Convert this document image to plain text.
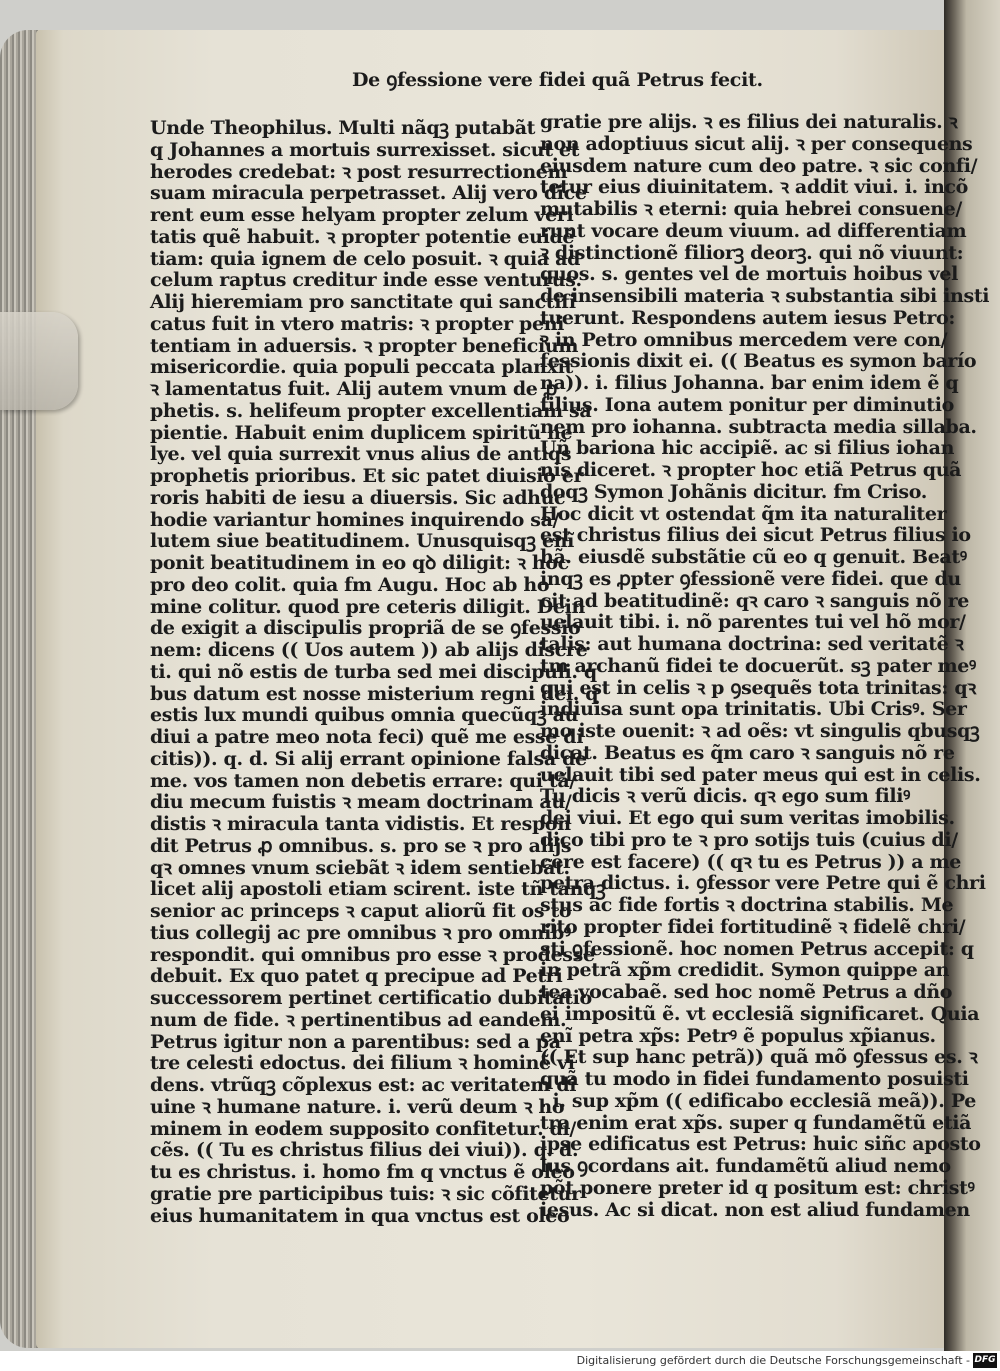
De ꝯfessione vere fidei quã Petrus fecit.
Unde Theophilus. Multi nãqꝫ putabãt
q Johannes a mortuis surrexisset. sicut et
herodes credebat: ꝛ post resurrectionem
suam miracula perpetrasset. Alij vero dice
rent eum esse helyam propter zelum veri
tatis quẽ habuit. ꝛ propter potentie euidẽ
tiam: quia ignem de celo posuit. ꝛ quia ad
celum raptus creditur inde esse venturus.
Alij hieremiam pro sanctitate qui sanctifi
catus fuit in vtero matris: ꝛ propter peni
tentiam in aduersis. ꝛ propter beneficium
misericordie. quia populi peccata planxit
ꝛ lamentatus fuit. Alij autem vnum de ꝓ
phetis. s. helifeum propter excellentiam sa
pientie. Habuit enim duplicem spiritũ he
lye. vel quia surrexit vnus alius de antiqs
prophetis prioribus. Et sic patet diuisio er
roris habiti de iesu a diuersis. Sic adhuc
hodie variantur homines inquirendo sa/
lutem siue beatitudinem. Unusquisqꝫ enĩ
ponit beatitudinem in eo qꝺ diligit: ꝛ hoc
pro deo colit. quia fm Augu. Hoc ab ho
mine colitur. quod pre ceteris diligit. Dein
de exigit a discipulis propriã de se ꝯfessio
nem: dicens (( Uos autem )) ab alijs discre
ti. qui nõ estis de turba sed mei discipuli. q
bus datum est nosse misterium regni dei. q
estis lux mundi quibus omnia quecũqꝫ au
diui a patre meo nota feci) quẽ me esse di
citis)). q. d. Si alij errant opinione falsa de
me. vos tamen non debetis errare: qui tã/
diu mecum fuistis ꝛ meam doctrinam au/
distis ꝛ miracula tanta vidistis. Et respon
dit Petrus ꝓ omnibus. s. pro se ꝛ pro alijs
qꝛ omnes vnum sciebãt ꝛ idem sentiebãt.
licet alij apostoli etiam scirent. iste tñ tanqꝫ
senior ac princeps ꝛ caput aliorũ fit os to
tius collegij ac pre omnibus ꝛ pro omnibꝰ
respondit. qui omnibus pro esse ꝛ prodesse
debuit. Ex quo patet q precipue ad Petri
successorem pertinet certificatio dubitatio
num de fide. ꝛ pertinentibus ad eandem.
Petrus igitur non a parentibus: sed a pa
tre celesti edoctus. dei filium ꝛ hominẽ vi
dens. vtrũqꝫ cõplexus est: ac veritatem di
uine ꝛ humane nature. i. verũ deum ꝛ ho
minem in eodem supposito confitetur. di/
cẽs. (( Tu es christus filius dei viui)). q. d.
tu es christus. i. homo fm q vnctus ẽ oleo
gratie pre participibus tuis: ꝛ sic cõfitetur
eius humanitatem in qua vnctus est oleo
gratie pre alijs. ꝛ es filius dei naturalis. ꝛ
non adoptiuus sicut alij. ꝛ per consequens
eiusdem nature cum deo patre. ꝛ sic confi/
tetur eius diuinitatem. ꝛ addit viui. i. incõ
mutabilis ꝛ eterni: quia hebrei consuene/
runt vocare deum viuum. ad differentiam
ꝛ distinctionẽ filiorꝫ deorꝫ. qui nõ viuunt:
quos. s. gentes vel de mortuis hoibus vel
de insensibili materia ꝛ substantia sibi insti
tuerunt. Respondens autem iesus Petro:
ꝛ in Petro omnibus mercedem vere con/
fessionis dixit ei. (( Beatus es symon barío
na)). i. filius Johanna. bar enim idem ẽ q
filius. Iona autem ponitur per diminutio
nem pro iohanna. subtracta media sillaba.
Uñ bariona hic accipiẽ. ac si filius iohan
nis diceret. ꝛ propter hoc etiã Petrus quã
doqꝫ Symon Johãnis dicitur. fm Criso.
Hoc dicit vt ostendat q̃m ita naturaliter
est christus filius dei sicut Petrus filius io
hã. eiusdẽ substãtie cũ eo q genuit. Beatꝰ
inqꝫ es ꝓpter ꝯfessionẽ vere fidei. que du
cit ad beatitudinẽ: qꝛ caro ꝛ sanguis nõ re
uelauit tibi. i. nõ parentes tui vel hõ mor/
talis: aut humana doctrina: sed veritatẽ ꝛ
tm archanũ fidei te docuerũt. sꝫ pater meꝰ
qui est in celis ꝛ p ꝯsequẽs tota trinitas: qꝛ
indiuisa sunt opa trinitatis. Ubi Crisꝰ. Ser
mo iste ouenit: ꝛ ad oẽs: vt singulis qbusqꝫ
dicat. Beatus es q̃m caro ꝛ sanguis nõ re
uelauit tibi sed pater meus qui est in celis.
Tu dicis ꝛ verũ dicis. qꝛ ego sum filiꝰ
dei viui. Et ego qui sum veritas imobilis.
dico tibi pro te ꝛ pro sotijs tuis (cuius di/
cere est facere) (( qꝛ tu es Petrus )) a me
petra dictus. i. ꝯfessor vere Petre qui ẽ chri
stus ac fide fortis ꝛ doctrina stabilis. Me
rito propter fidei fortitudinẽ ꝛ fidelẽ chri/
sti ꝯfessionẽ. hoc nomen Petrus accepit: q
in petrã xp̃m credidit. Symon quippe an
tea vocabaẽ. sed hoc nomẽ Petrus a dño
ei impositũ ẽ. vt ecclesiã significaret. Quia
enĩ petra xp̃s: Petrꝰ ẽ populus xp̃ianus.
(( Et sup hanc petrã)) quã mõ ꝯfessus es. ꝛ
quã tu modo in fidei fundamento posuisti
. i. sup xp̃m (( edificabo ecclesiã meã)). Pe
tra enim erat xp̃s. super q fundamẽtũ etiã
ipse edificatus est Petrus: huic siñc aposto
lus ꝯcordans ait. fundamẽtũ aliud nemo
põt ponere preter id q positum est: christꝰ
iesus. Ac si dicat. non est aliud fundamen
Digitalisierung gefördert durch die Deutsche Forschungsgemeinschaft - DFG
